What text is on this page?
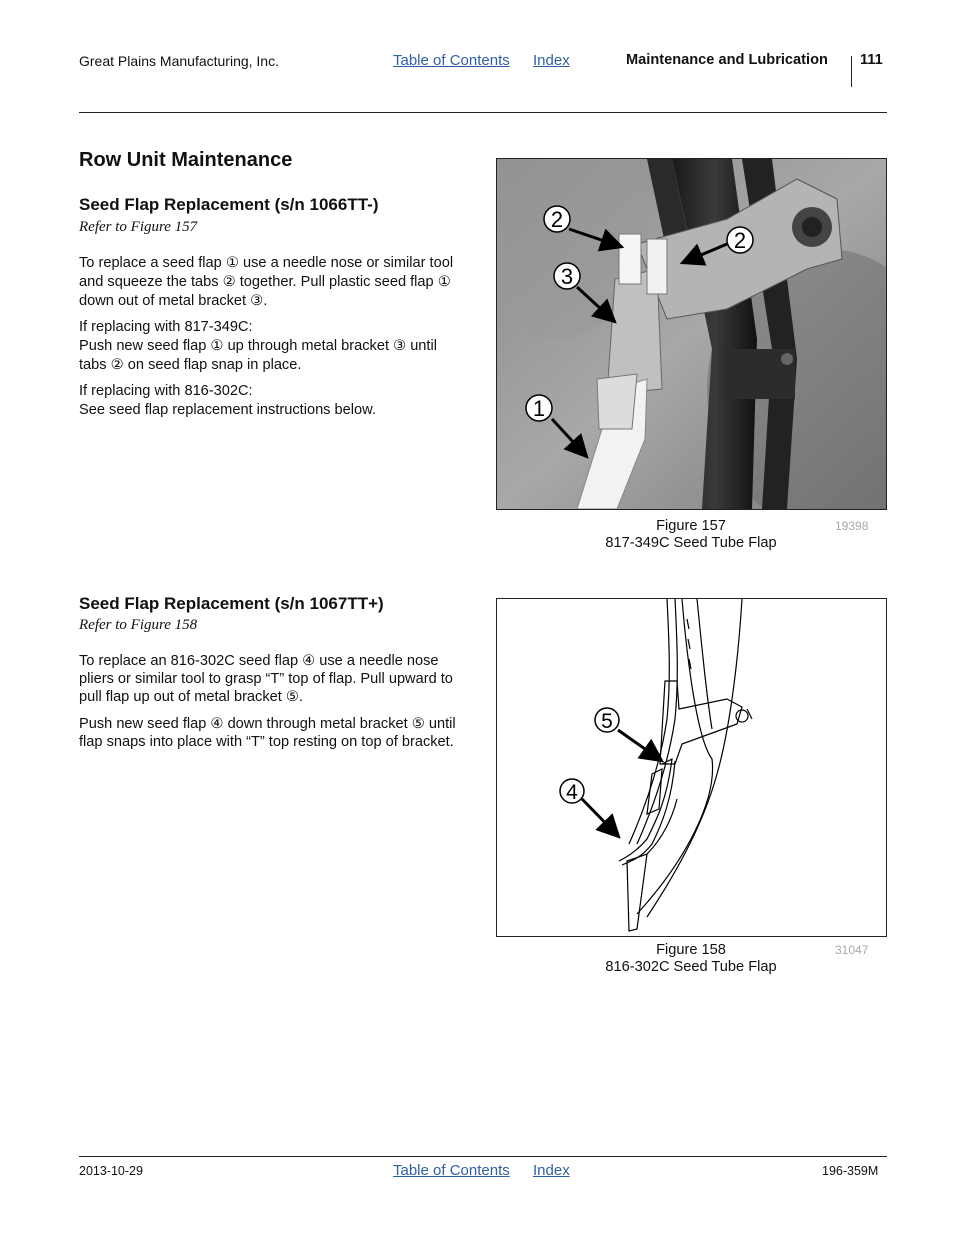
Great Plains Manufacturing, Inc.	Table of Contents Index	Maintenance and Lubrication 111
Row Unit Maintenance
Seed Flap Replacement (s/n 1066TT-)
Refer to Figure 157

To replace a seed flap ① use a needle nose or similar tool and squeeze the tabs ② together. Pull plastic seed flap ① down out of metal bracket ③.

If replacing with 817-349C:

Push new seed flap ① up through metal bracket ③ until tabs ② on seed flap snap in place.

If replacing with 816-302C:

See seed flap replacement instructions below.

2
2
3
1
Figure 157
817-349C Seed Tube Flap
19398
Seed Flap Replacement (s/n 1067TT+)
Refer to Figure 158

To replace an 816-302C seed flap ④ use a needle nose pliers or similar tool to grasp “T” top of flap. Pull upward to pull flap up out of metal bracket ⑤.

Push new seed flap ④ down through metal bracket ⑤ until flap snaps into place with “T” top resting on top of bracket.

5
4
Figure 158
816-302C Seed Tube Flap
31047
2013-10-29	Table of Contents Index	196-359M
